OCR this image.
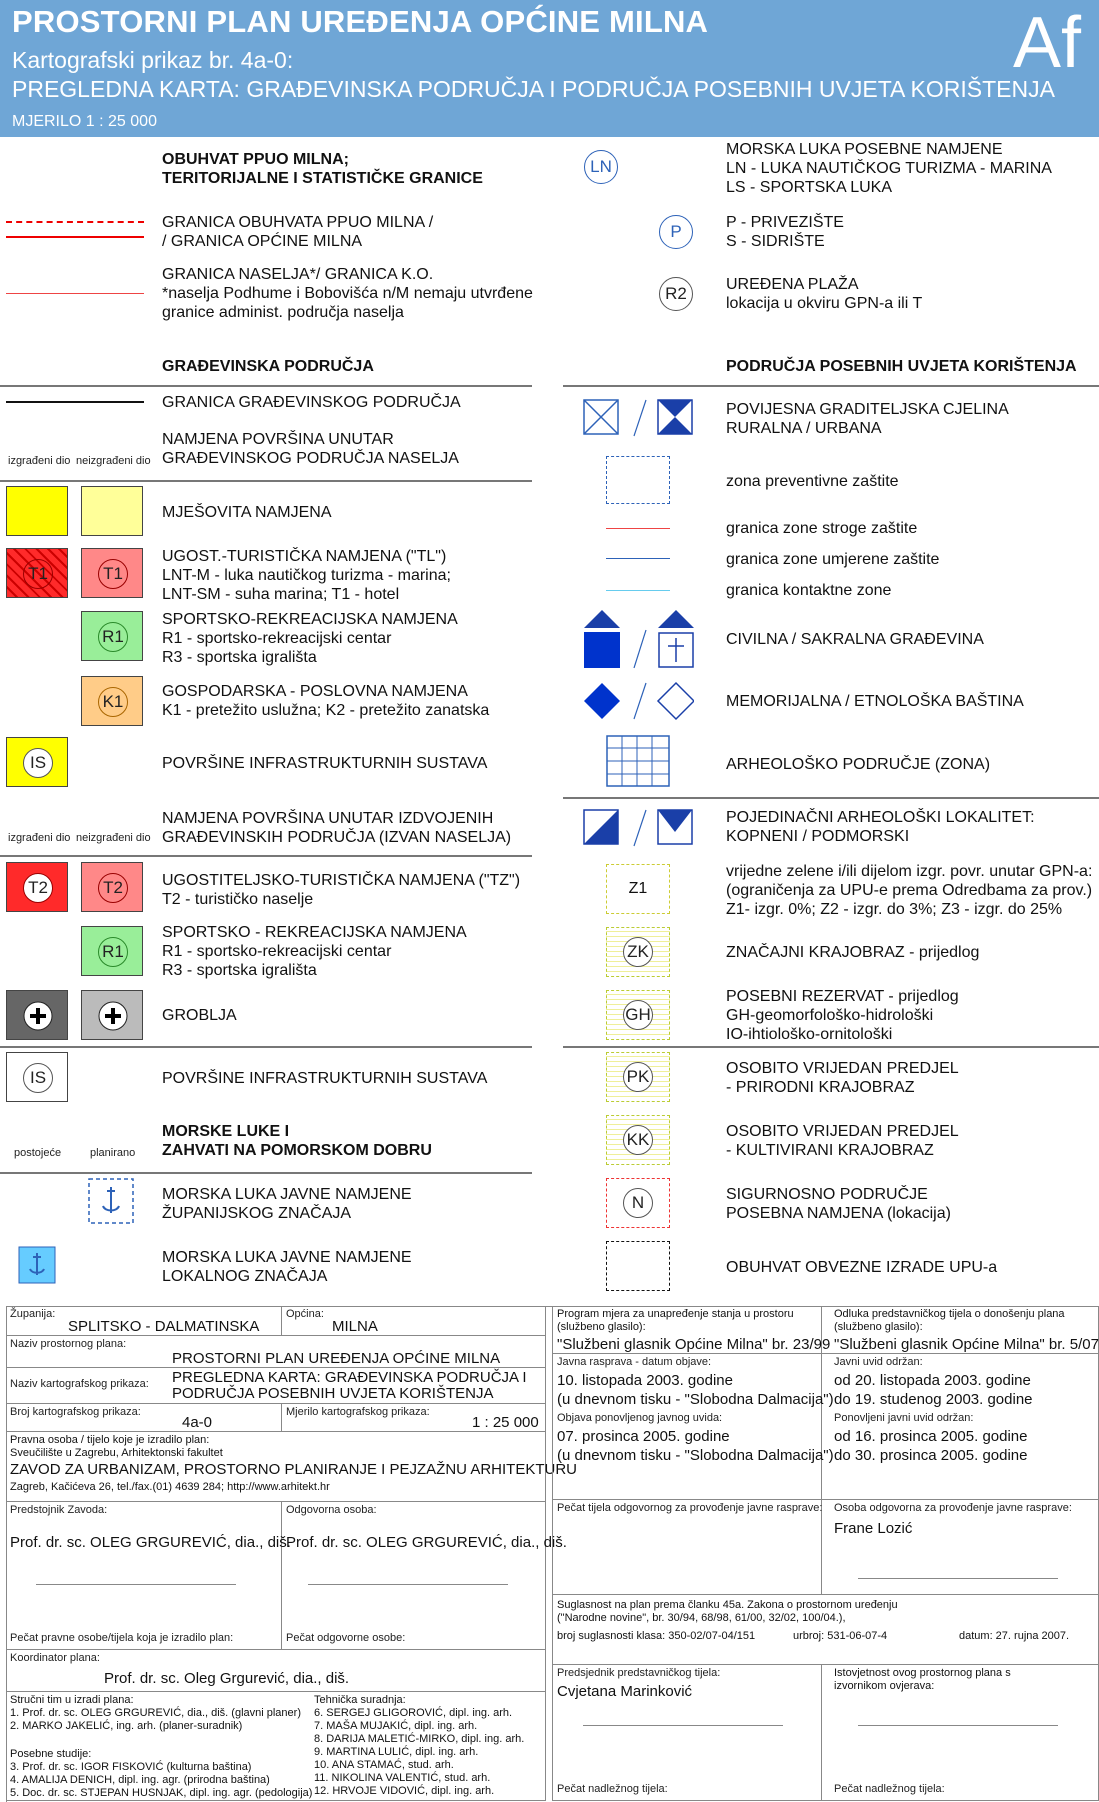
PROSTORNI PLAN UREĐENJA OPĆINE MILNA
Kartografski prikaz br. 4a-0:
PREGLEDNA KARTA: GRAĐEVINSKA PODRUČJA I PODRUČJA POSEBNIH UVJETA KORIŠTENJA
MJERILO 1 : 25 000
Af
OBUHVAT PPUO MILNA;
TERITORIJALNE I STATISTIČKE GRANICE
GRANICA OBUHVATA PPUO MILNA /
/ GRANICA OPĆINE MILNA
GRANICA NASELJA*/ GRANICA K.O.
*naselja Podhume i Bobovišća n/M nemaju utvrđene
granice administ. područja naselja
GRAĐEVINSKA PODRUČJA
GRANICA GRAĐEVINSKOG PODRUČJA
izgrađeni dio neizgrađeni dio
NAMJENA POVRŠINA UNUTAR
GRAĐEVINSKOG PODRUČJA NASELJA
MJEŠOVITA NAMJENA
T1	T1
UGOST.-TURISTIČKA NAMJENA ("TL")
LNT-M - luka nautičkog turizma - marina;
LNT-SM - suha marina; T1 - hotel
R1
SPORTSKO-REKREACIJSKA NAMJENA
R1 - sportsko-rekreacijski centar
R3 - sportska igrališta
K1
GOSPODARSKA - POSLOVNA NAMJENA
K1 - pretežito uslužna; K2 - pretežito zanatska
IS	POVRŠINE INFRASTRUKTURNIH SUSTAVA
izgrađeni dio neizgrađeni dio
NAMJENA POVRŠINA UNUTAR IZDVOJENIH
GRAĐEVINSKIH PODRUČJA (IZVAN NASELJA)
T2	T2	UGOSTITELJSKO-TURISTIČKA NAMJENA ("TZ")
T2 - turističko naselje
R1
SPORTSKO - REKREACIJSKA NAMJENA
R1 - sportsko-rekreacijski centar
R3 - sportska igrališta
GROBLJA
IS	POVRŠINE INFRASTRUKTURNIH SUSTAVA
postojeće	planirano
MORSKE LUKE I
ZAHVATI NA POMORSKOM DOBRU
MORSKA LUKA JAVNE NAMJENE
ŽUPANIJSKOG ZNAČAJA
MORSKA LUKA JAVNE NAMJENE
LOKALNOG ZNAČAJA
LN
MORSKA LUKA POSEBNE NAMJENE
LN - LUKA NAUTIČKOG TURIZMA - MARINA
LS - SPORTSKA LUKA
P	P - PRIVEZIŠTE
S - SIDRIŠTE
R2	UREĐENA PLAŽA
lokacija u okviru GPN-a ili T
PODRUČJA POSEBNIH UVJETA KORIŠTENJA
POVIJESNA GRADITELJSKA CJELINA
RURALNA / URBANA
zona preventivne zaštite
granica zone stroge zaštite
granica zone umjerene zaštite
granica kontaktne zone
CIVILNA / SAKRALNA GRAĐEVINA
MEMORIJALNA / ETNOLOŠKA BAŠTINA
ARHEOLOŠKO PODRUČJE (ZONA)
POJEDINAČNI ARHEOLOŠKI LOKALITET:
KOPNENI / PODMORSKI
Z1
vrijedne zelene i/ili dijelom izgr. povr. unutar GPN-a:
(ograničenja za UPU-e prema Odredbama za prov.)
Z1- izgr. 0%; Z2 - izgr. do 3%; Z3 - izgr. do 25%
ZK	ZNAČAJNI KRAJOBRAZ - prijedlog
GH
POSEBNI REZERVAT - prijedlog
GH-geomorfološko-hidrološki
IO-ihtiološko-ornitološki
PK	OSOBITO VRIJEDAN PREDJEL
- PRIRODNI KRAJOBRAZ
KK	OSOBITO VRIJEDAN PREDJEL
- KULTIVIRANI KRAJOBRAZ
N	SIGURNOSNO PODRUČJE
POSEBNA NAMJENA (lokacija)
OBUHVAT OBVEZNE IZRADE UPU-a
Županija:
SPLITSKO - DALMATINSKA
Općina:
MILNA
Naziv prostornog plana:
PROSTORNI PLAN UREĐENJA OPĆINE MILNA
Naziv kartografskog prikaza: PREGLEDNA KARTA: GRAĐEVINSKA PODRUČJA I
PODRUČJA POSEBNIH UVJETA KORIŠTENJA
Broj kartografskog prikaza:
4a-0
Mjerilo kartografskog prikaza:
1 : 25 000
Pravna osoba / tijelo koje je izradilo plan:
Sveučilište u Zagrebu, Arhitektonski fakultet
ZAVOD ZA URBANIZAM, PROSTORNO PLANIRANJE I PEJZAŽNU ARHITEKTURU
Zagreb, Kačićeva 26, tel./fax.(01) 4639 284; http://www.arhitekt.hr
Predstojnik Zavoda:
Prof. dr. sc. OLEG GRGUREVIĆ, dia., diš.
Pečat pravne osobe/tijela koja je izradilo plan:
Odgovorna osoba:
Prof. dr. sc. OLEG GRGUREVIĆ, dia., diš.
Pečat odgovorne osobe:
Koordinator plana:
Prof. dr. sc. Oleg Grgurević, dia., diš.
Stručni tim u izradi plana:
1. Prof. dr. sc. OLEG GRGUREVIĆ, dia., diš. (glavni planer)
2. MARKO JAKELIĆ, ing. arh. (planer-suradnik)
Posebne studije:
3. Prof. dr. sc. IGOR FISKOVIĆ (kulturna baština)
4. AMALIJA DENICH, dipl. ing. agr. (prirodna baština)
5. Doc. dr. sc. STJEPAN HUSNJAK, dipl. ing. agr. (pedologija)
Tehnička suradnja:
6. SERGEJ GLIGOROVIĆ, dipl. ing. arh.
7. MAŠA MUJAKIĆ, dipl. ing. arh.
8. DARIJA MALETIĆ-MIRKO, dipl. ing. arh.
9. MARTINA LULIĆ, dipl. ing. arh.
10. ANA STAMAĆ, stud. arh.
11. NIKOLINA VALENTIĆ, stud. arh.
12. HRVOJE VIDOVIĆ, dipl. ing. arh.
Program mjera za unapređenje stanja u prostoru (službeno glasilo):
"Službeni glasnik Općine Milna" br. 23/99
Odluka predstavničkog tijela o donošenju plana (službeno glasilo):
"Službeni glasnik Općine Milna" br. 5/07
Javna rasprava - datum objave:
10. listopada 2003. godine
(u dnevnom tisku - "Slobodna Dalmacija")
Objava ponovljenog javnog uvida:
07. prosinca 2005. godine
(u dnevnom tisku - "Slobodna Dalmacija")
Javni uvid održan:
od 20. listopada 2003. godine
do 19. studenog 2003. godine
Ponovljeni javni uvid održan:
od 16. prosinca 2005. godine
do 30. prosinca 2005. godine
Pečat tijela odgovornog za provođenje javne rasprave: Osoba odgovorna za provođenje javne rasprave:
Frane Lozić
Suglasnost na plan prema članku 45a. Zakona o prostornom uređenju
("Narodne novine", br. 30/94, 68/98, 61/00, 32/02, 100/04.),
broj suglasnosti klasa: 350-02/07-04/151	urbroj: 531-06-07-4	datum: 27. rujna 2007.
Predsjednik predstavničkog tijela:
Cvjetana Marinković
Pečat nadležnog tijela:
Istovjetnost ovog prostornog plana s izvornikom ovjerava:
Pečat nadležnog tijela:
